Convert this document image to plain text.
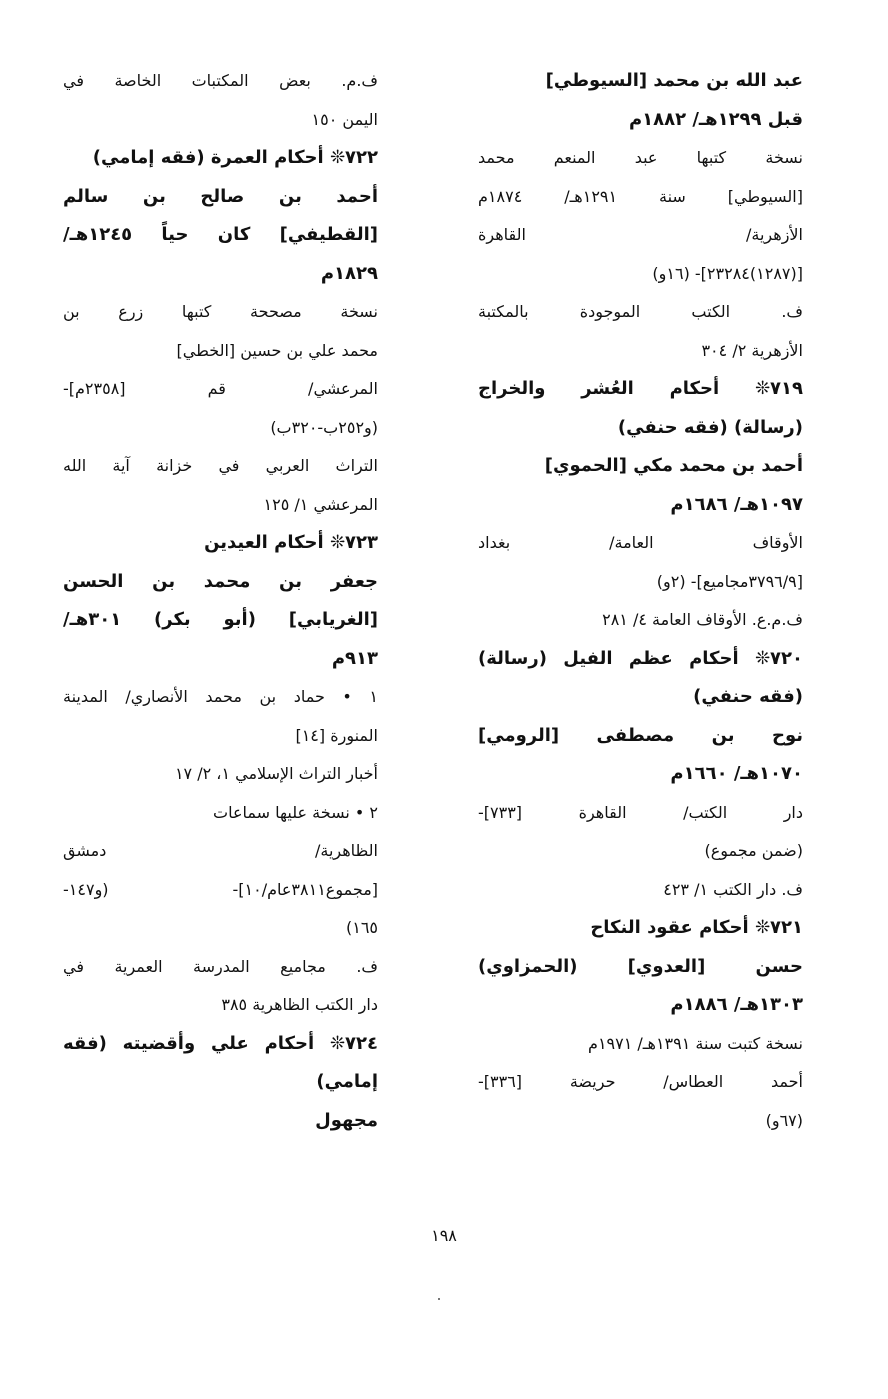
عبد الله بن محمد [السيوطي]
قبل ١٢٩٩هـ/ ١٨٨٢م
نسخة كتبها عبد المنعم محمد
[السيوطي] سنة ١٢٩١هـ/ ١٨٧٤م
الأزهرية/ القاهرة
[(١٢٨٧)٢٣٢٨٤]- (١٦و)
ف. الكتب الموجودة بالمكتبة
الأزهرية ٢/ ٣٠٤
٧١٩❊ أحكام العُشر والخراج
(رسالة) (فقه حنفي)
أحمد بن محمد مكي [الحموي]
١٠٩٧هـ/ ١٦٨٦م
الأوقاف العامة/ بغداد
[٣٧٩٦/٩مجاميع]- (٢و)
ف.م.ع. الأوقاف العامة ٤/ ٢٨١
٧٢٠❊ أحكام عظم الفيل (رسالة)
(فقه حنفي)
نوح بن مصطفى [الرومي]
١٠٧٠هـ/ ١٦٦٠م
دار الكتب/ القاهرة [٧٣٣]-
(ضمن مجموع)
ف. دار الكتب ١/ ٤٢٣
٧٢١❊ أحكام عقود النكاح
حسن [العدوي] (الحمزاوي)
١٣٠٣هـ/ ١٨٨٦م
نسخة كتبت سنة ١٣٩١هـ/ ١٩٧١م
أحمد العطاس/ حريضة [٣٣٦]-
(٦٧و)
ف.م. بعض المكتبات الخاصة في
اليمن ١٥٠
٧٢٢❊ أحكام العمرة (فقه إمامي)
أحمد بن صالح بن سالم
[القطيفي] كان حياً ١٢٤٥هـ/
١٨٢٩م
نسخة مصححة كتبها زرع بن
محمد علي بن حسين [الخطي]
المرعشي/ قم [٢٣٥٨م]-
(و٢٥٢ب-٣٢٠ب)
التراث العربي في خزانة آية الله
المرعشي ١/ ١٢٥
٧٢٣❊ أحكام العيدين
جعفر بن محمد بن الحسن
[الغريابي] (أبو بكر) ٣٠١هـ/
٩١٣م
١ • حماد بن محمد الأنصاري/ المدينة
المنورة [١٤]
أخبار التراث الإسلامي ١، ٢/ ١٧
٢ • نسخة عليها سماعات
الظاهرية/ دمشق
[مجموع٣٨١١عام/١٠]- (و١٤٧-
١٦٥)
ف. مجاميع المدرسة العمرية في
دار الكتب الظاهرية ٣٨٥
٧٢٤❊ أحكام علي وأقضيته (فقه
إمامي)
مجهول
١٩٨
